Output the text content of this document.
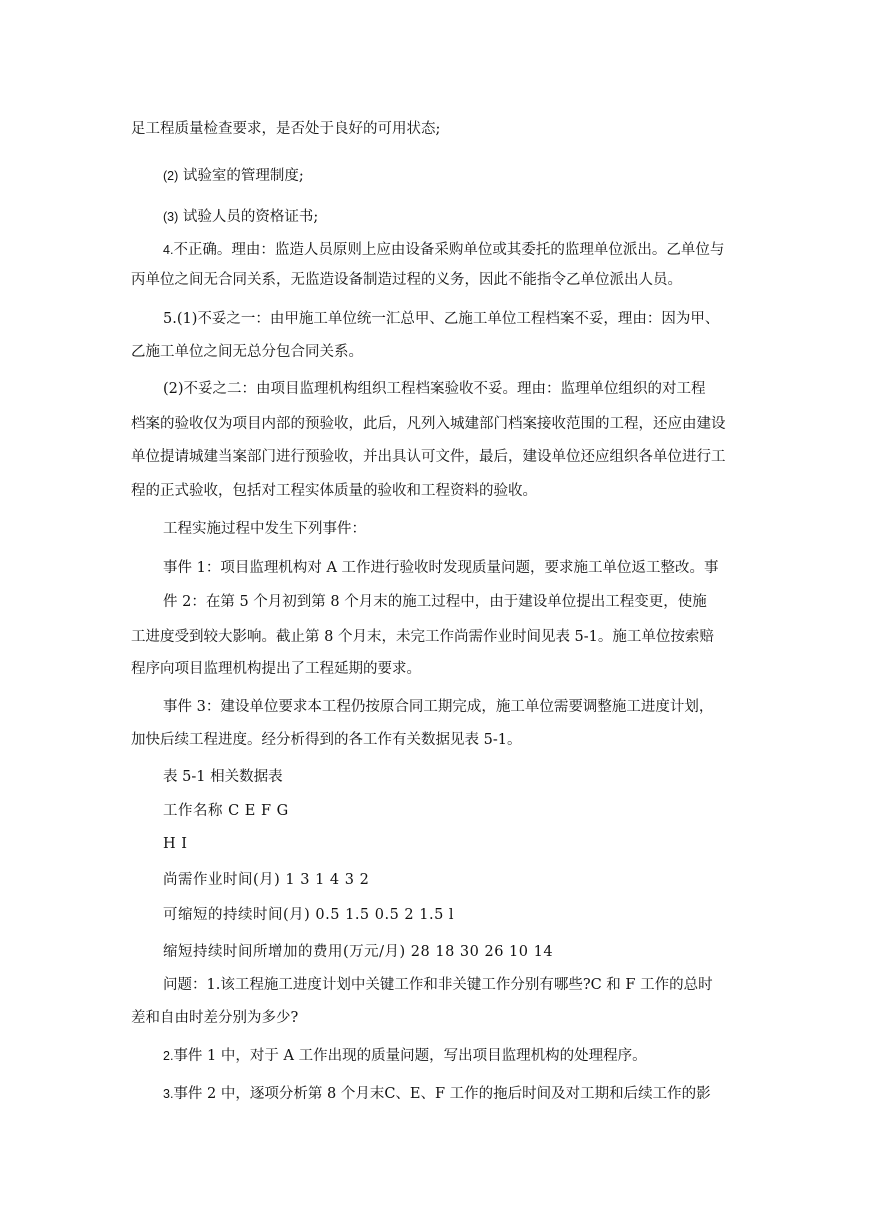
足工程质量检查要求，是否处于良好的可用状态;

(2) 试验室的管理制度;

(3) 试验人员的资格证书;

4.不正确。理由：监造人员原则上应由设备采购单位或其委托的监理单位派出。乙单位与

丙单位之间无合同关系，无监造设备制造过程的义务，因此不能指令乙单位派出人员。

5.(1)不妥之一：由甲施工单位统一汇总甲、乙施工单位工程档案不妥，理由：因为甲、

乙施工单位之间无总分包合同关系。

(2)不妥之二：由项目监理机构组织工程档案验收不妥。理由：监理单位组织的对工程

档案的验收仅为项目内部的预验收，此后，凡列入城建部门档案接收范围的工程，还应由建设

单位提请城建当案部门进行预验收，并出具认可文件，最后，建设单位还应组织各单位进行工

程的正式验收，包括对工程实体质量的验收和工程资料的验收。

工程实施过程中发生下列事件：

事件 1：项目监理机构对 A 工作进行验收时发现质量问题，要求施工单位返工整改。事

件 2：在第 5 个月初到第 8 个月末的施工过程中，由于建设单位提出工程变更，使施

工进度受到较大影响。截止第 8 个月末，未完工作尚需作业时间见表 5-1。施工单位按索赔

程序向项目监理机构提出了工程延期的要求。

事件 3：建设单位要求本工程仍按原合同工期完成，施工单位需要调整施工进度计划，

加快后续工程进度。经分析得到的各工作有关数据见表 5-1。

表 5-1 相关数据表

工作名称 C E F G

H I

尚需作业时间(月) 1 3 1 4 3 2

可缩短的持续时间(月) 0.5 1.5 0.5 2 1.5 l

缩短持续时间所增加的费用(万元/月) 28 18 30 26 10 14

问题：1.该工程施工进度计划中关键工作和非关键工作分别有哪些?C 和 F 工作的总时

差和自由时差分别为多少?

2.事件 1 中，对于 A 工作出现的质量问题，写出项目监理机构的处理程序。

3.事件 2 中，逐项分析第 8 个月末C、E、F 工作的拖后时间及对工期和后续工作的影
